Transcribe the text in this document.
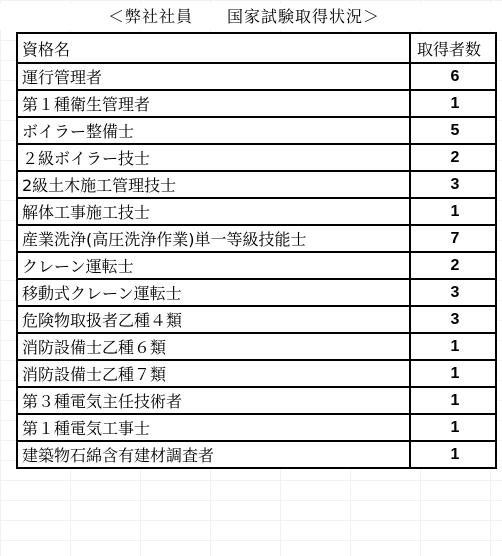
＜弊社社員　　国家試験取得状況＞
資格名	取得者数
運行管理者	6
第１種衛生管理者	1
ボイラー整備士	5
２級ボイラー技士	2
2級土木施工管理技士	3
解体工事施工技士	1
産業洗浄(高圧洗浄作業)単一等級技能士	7
クレーン運転士	2
移動式クレーン運転士	3
危険物取扱者乙種４類	3
消防設備士乙種６類	1
消防設備士乙種７類	1
第３種電気主任技術者	1
第１種電気工事士	1
建築物石綿含有建材調査者	1
